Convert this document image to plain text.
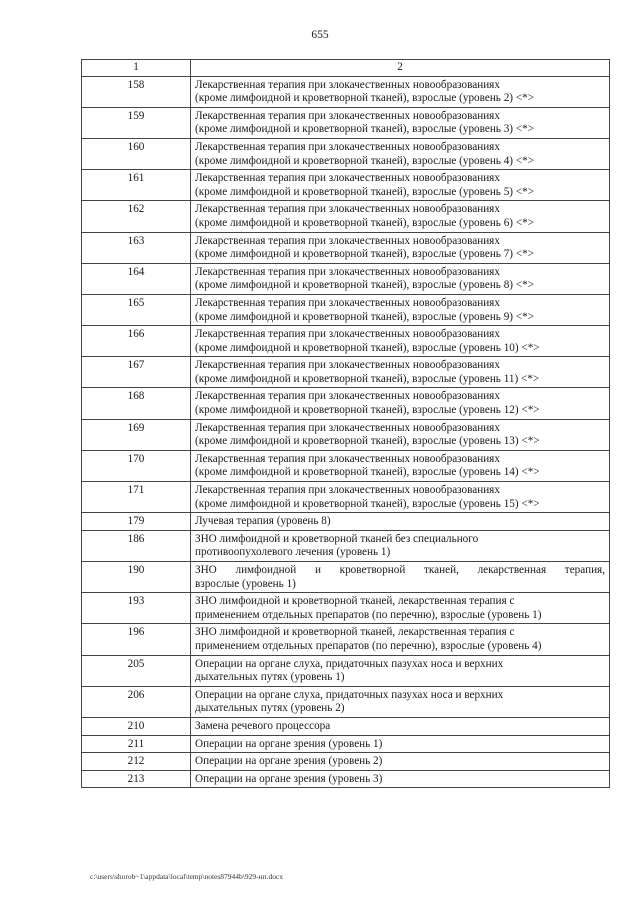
655
1	2
158	Лекарственная терапия при злокачественных новообразованиях
(кроме лимфоидной и кроветворной тканей), взрослые (уровень 2) <*>

159	Лекарственная терапия при злокачественных новообразованиях
(кроме лимфоидной и кроветворной тканей), взрослые (уровень 3) <*>

160	Лекарственная терапия при злокачественных новообразованиях
(кроме лимфоидной и кроветворной тканей), взрослые (уровень 4) <*>

161	Лекарственная терапия при злокачественных новообразованиях
(кроме лимфоидной и кроветворной тканей), взрослые (уровень 5) <*>

162	Лекарственная терапия при злокачественных новообразованиях
(кроме лимфоидной и кроветворной тканей), взрослые (уровень 6) <*>

163	Лекарственная терапия при злокачественных новообразованиях
(кроме лимфоидной и кроветворной тканей), взрослые (уровень 7) <*>

164	Лекарственная терапия при злокачественных новообразованиях
(кроме лимфоидной и кроветворной тканей), взрослые (уровень 8) <*>

165	Лекарственная терапия при злокачественных новообразованиях
(кроме лимфоидной и кроветворной тканей), взрослые (уровень 9) <*>

166	Лекарственная терапия при злокачественных новообразованиях
(кроме лимфоидной и кроветворной тканей), взрослые (уровень 10) <*>

167	Лекарственная терапия при злокачественных новообразованиях
(кроме лимфоидной и кроветворной тканей), взрослые (уровень 11) <*>

168	Лекарственная терапия при злокачественных новообразованиях
(кроме лимфоидной и кроветворной тканей), взрослые (уровень 12) <*>

169	Лекарственная терапия при злокачественных новообразованиях
(кроме лимфоидной и кроветворной тканей), взрослые (уровень 13) <*>

170	Лекарственная терапия при злокачественных новообразованиях
(кроме лимфоидной и кроветворной тканей), взрослые (уровень 14) <*>

171	Лекарственная терапия при злокачественных новообразованиях
(кроме лимфоидной и кроветворной тканей), взрослые (уровень 15) <*>

179	Лучевая терапия (уровень 8)

186	ЗНО лимфоидной и кроветворной тканей без специального
противоопухолевого лечения (уровень 1)

190	ЗНО лимфоидной и кроветворной тканей, лекарственная терапия,
взрослые (уровень 1)

193	ЗНО лимфоидной и кроветворной тканей, лекарственная терапия с
применением отдельных препаратов (по перечню), взрослые (уровень 1)

196	ЗНО лимфоидной и кроветворной тканей, лекарственная терапия с
применением отдельных препаратов (по перечню), взрослые (уровень 4)

205	Операции на органе слуха, придаточных пазухах носа и верхних
дыхательных путях (уровень 1)

206	Операции на органе слуха, придаточных пазухах носа и верхних
дыхательных путях (уровень 2)

210	Замена речевого процессора

211	Операции на органе зрения (уровень 1)

212	Операции на органе зрения (уровень 2)

213	Операции на органе зрения (уровень 3)
c:\users\shorob~1\appdata\local\temp\notes87944b\929-нп.docx
